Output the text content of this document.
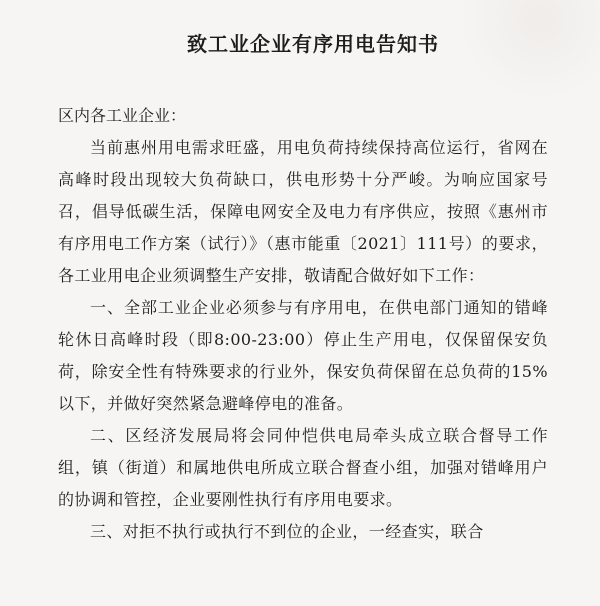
致工业企业有序用电告知书

区内各工业企业：

当前惠州用电需求旺盛，用电负荷持续保持高位运行，省网在高峰时段出现较大负荷缺口，供电形势十分严峻。为响应国家号召，倡导低碳生活，保障电网安全及电力有序供应，按照《惠州市有序用电工作方案（试行）》（惠市能重〔2021〕111号）的要求，各工业用电企业须调整生产安排，敬请配合做好如下工作：

一、全部工业企业必须参与有序用电，在供电部门通知的错峰轮休日高峰时段（即8:00-23:00）停止生产用电，仅保留保安负荷，除安全性有特殊要求的行业外，保安负荷保留在总负荷的15%以下，并做好突然紧急避峰停电的准备。

二、区经济发展局将会同仲恺供电局牵头成立联合督导工作组，镇（街道）和属地供电所成立联合督查小组，加强对错峰用户的协调和管控，企业要刚性执行有序用电要求。

三、对拒不执行或执行不到位的企业，一经查实，联合
